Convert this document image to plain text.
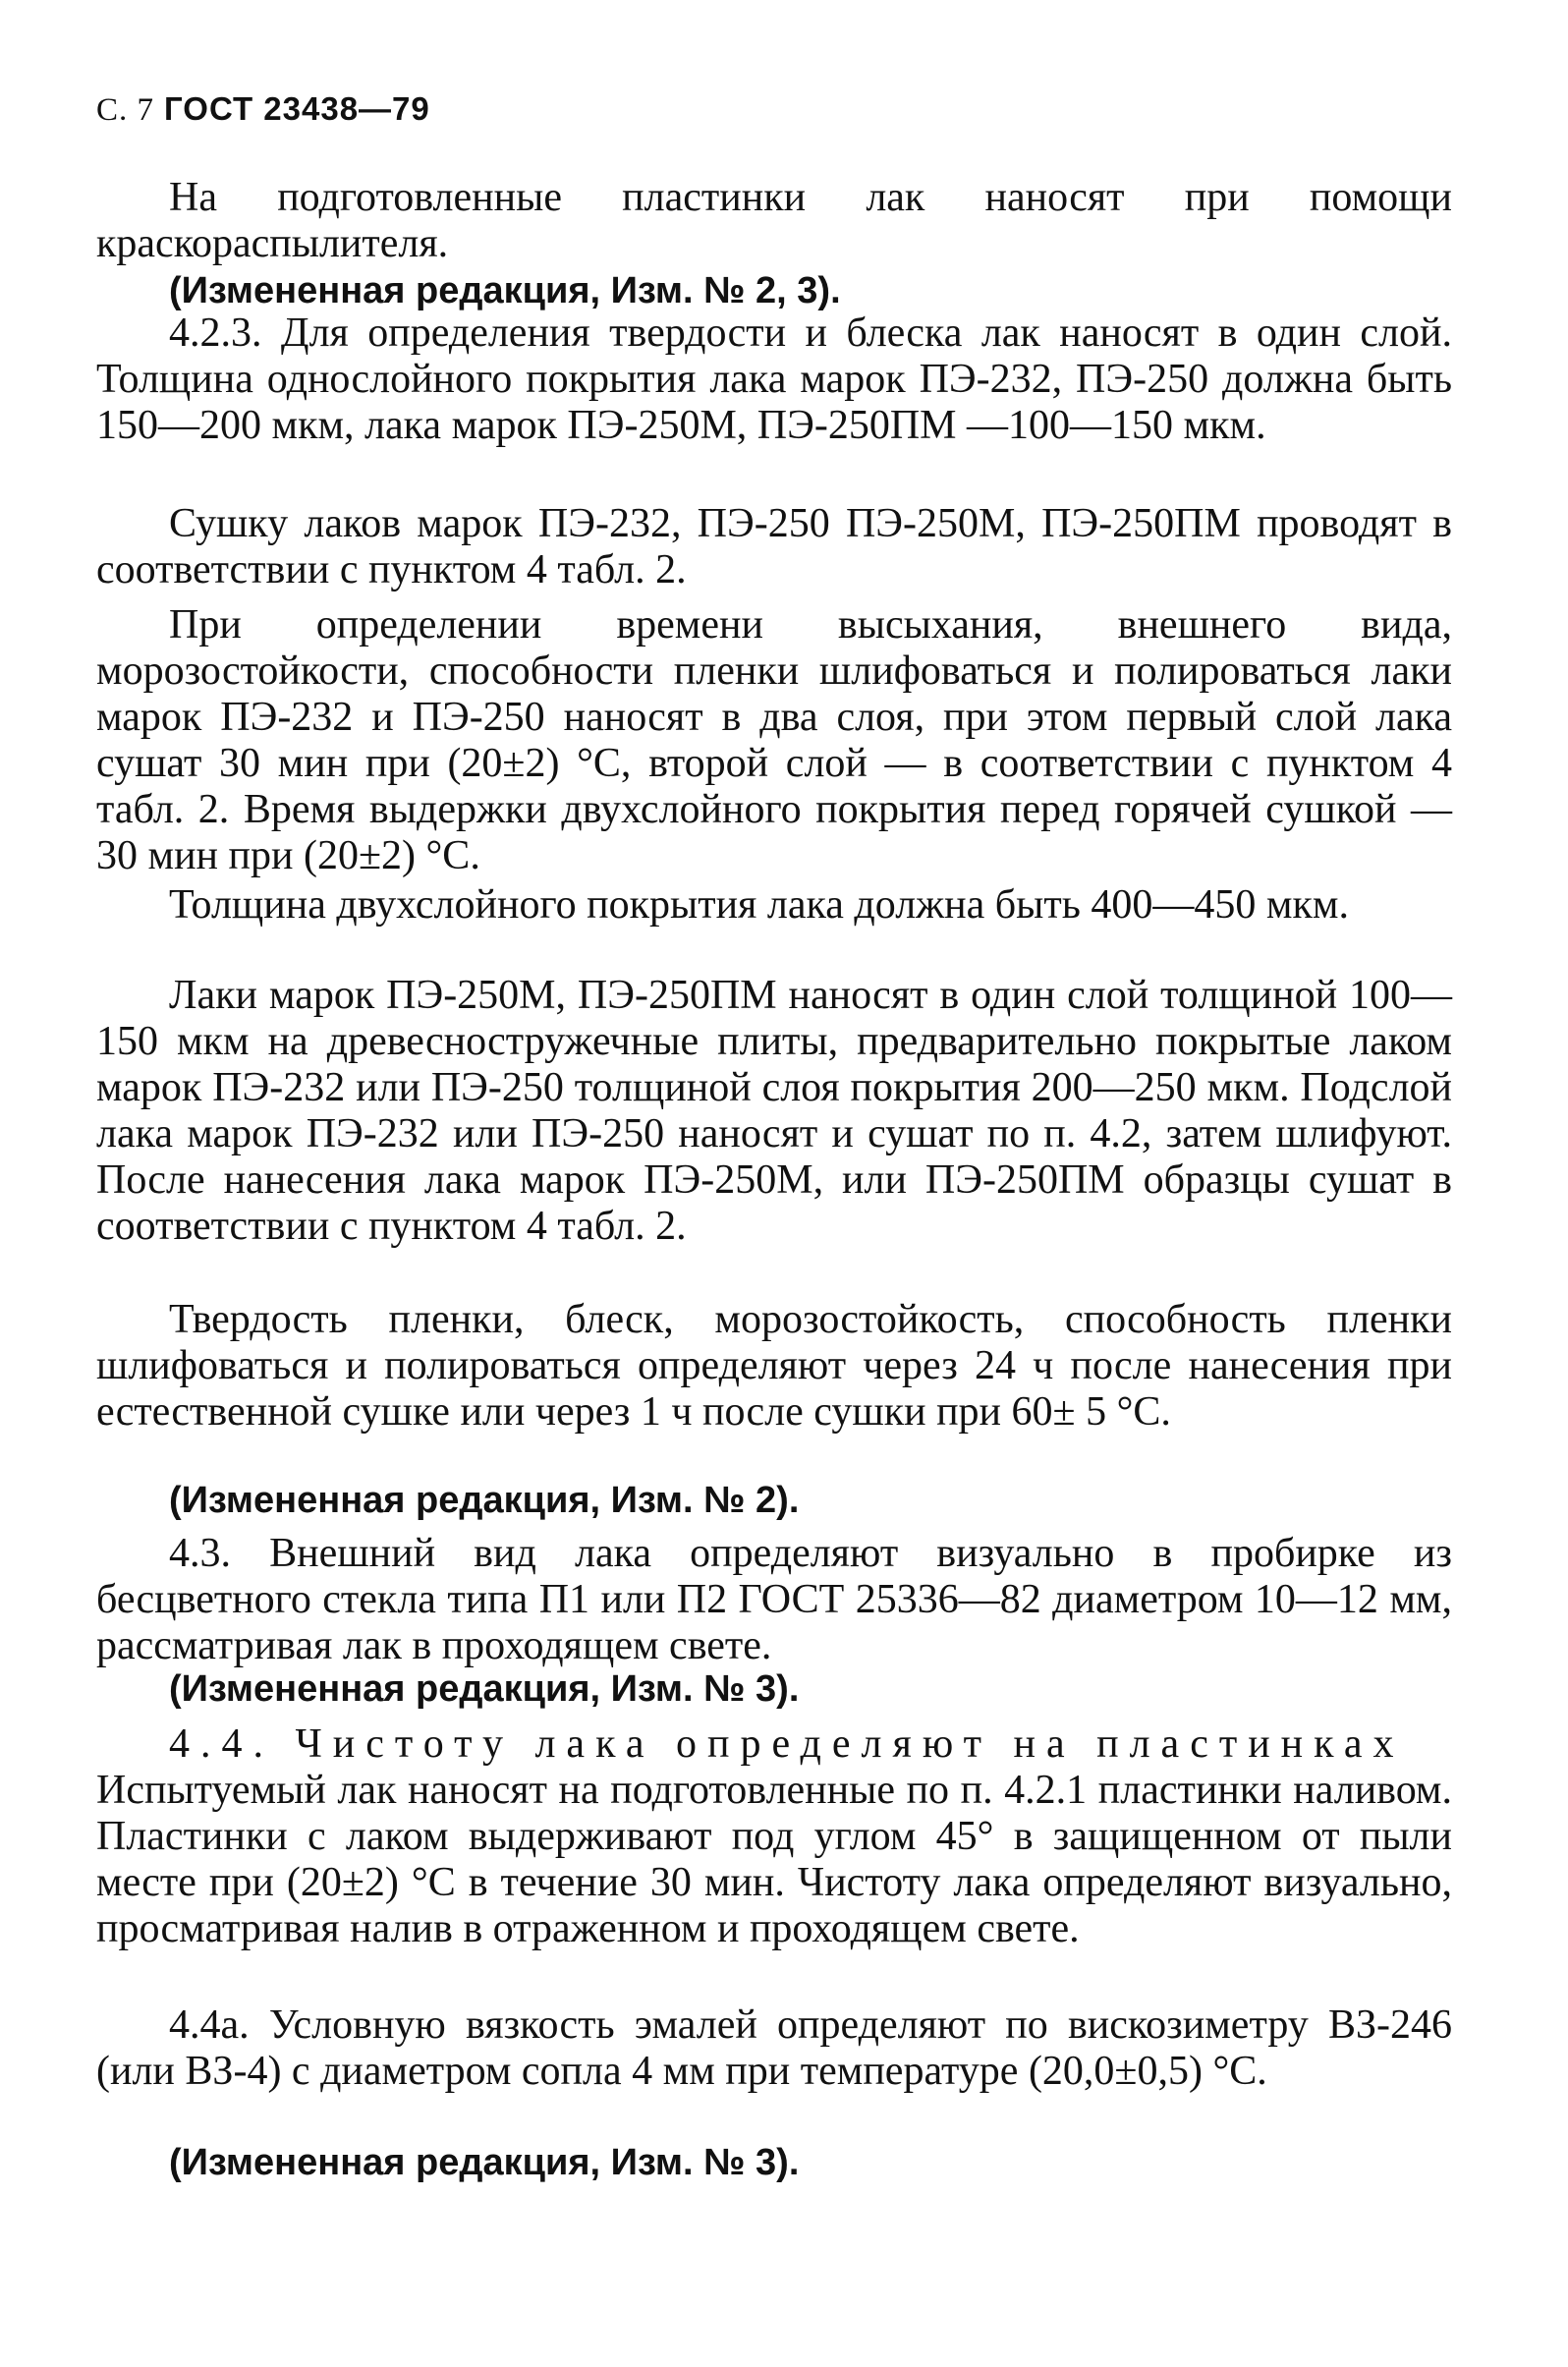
С. 7 ГОСТ 23438—79
На подготовленные пластинки лак наносят при помощи краскораспылителя.
(Измененная редакция, Изм. № 2, 3).
4.2.3. Для определения твердости и блеска лак наносят в один слой. Толщина однослойного покрытия лака марок ПЭ-232, ПЭ-250 должна быть 150—200 мкм, лака марок ПЭ-250М, ПЭ-250ПМ —100—150 мкм.
Сушку лаков марок ПЭ-232, ПЭ-250 ПЭ-250М, ПЭ-250ПМ проводят в соответствии с пунктом 4 табл. 2.
При определении времени высыхания, внешнего вида, морозостойкости, способности пленки шлифоваться и полироваться лаки марок ПЭ-232 и ПЭ-250 наносят в два слоя, при этом первый слой лака сушат 30 мин при (20±2) °С, второй слой — в соответствии с пунктом 4 табл. 2. Время выдержки двухслойного покрытия перед горячей сушкой — 30 мин при (20±2) °С.
Толщина двухслойного покрытия лака должна быть 400—450 мкм.
Лаки марок ПЭ-250М, ПЭ-250ПМ наносят в один слой толщиной 100—150 мкм на древесностружечные плиты, предварительно покрытые лаком марок ПЭ-232 или ПЭ-250 толщиной слоя покрытия 200—250 мкм. Подслой лака марок ПЭ-232 или ПЭ-250 наносят и сушат по п. 4.2, затем шлифуют. После нанесения лака марок ПЭ-250М, или ПЭ-250ПМ образцы сушат в соответствии с пунктом 4 табл. 2.
Твердость пленки, блеск, морозостойкость, способность пленки шлифоваться и полироваться определяют через 24 ч после нанесения при естественной сушке или через 1 ч после сушки при 60± 5 °С.
(Измененная редакция, Изм. № 2).
4.3. Внешний вид лака определяют визуально в пробирке из бесцветного стекла типа П1 или П2 ГОСТ 25336—82 диаметром 10—12 мм, рассматривая лак в проходящем свете.
(Измененная редакция, Изм. № 3).
4.4. Чистоту лака определяют на пластинках
Испытуемый лак наносят на подготовленные по п. 4.2.1 пластинки наливом. Пластинки с лаком выдерживают под углом 45° в защищенном от пыли месте при (20±2) °С в течение 30 мин. Чистоту лака определяют визуально, просматривая налив в отраженном и проходящем свете.
4.4а. Условную вязкость эмалей определяют по вискозиметру ВЗ-246 (или ВЗ-4) с диаметром сопла 4 мм при температуре (20,0±0,5) °С.
(Измененная редакция, Изм. № 3).
